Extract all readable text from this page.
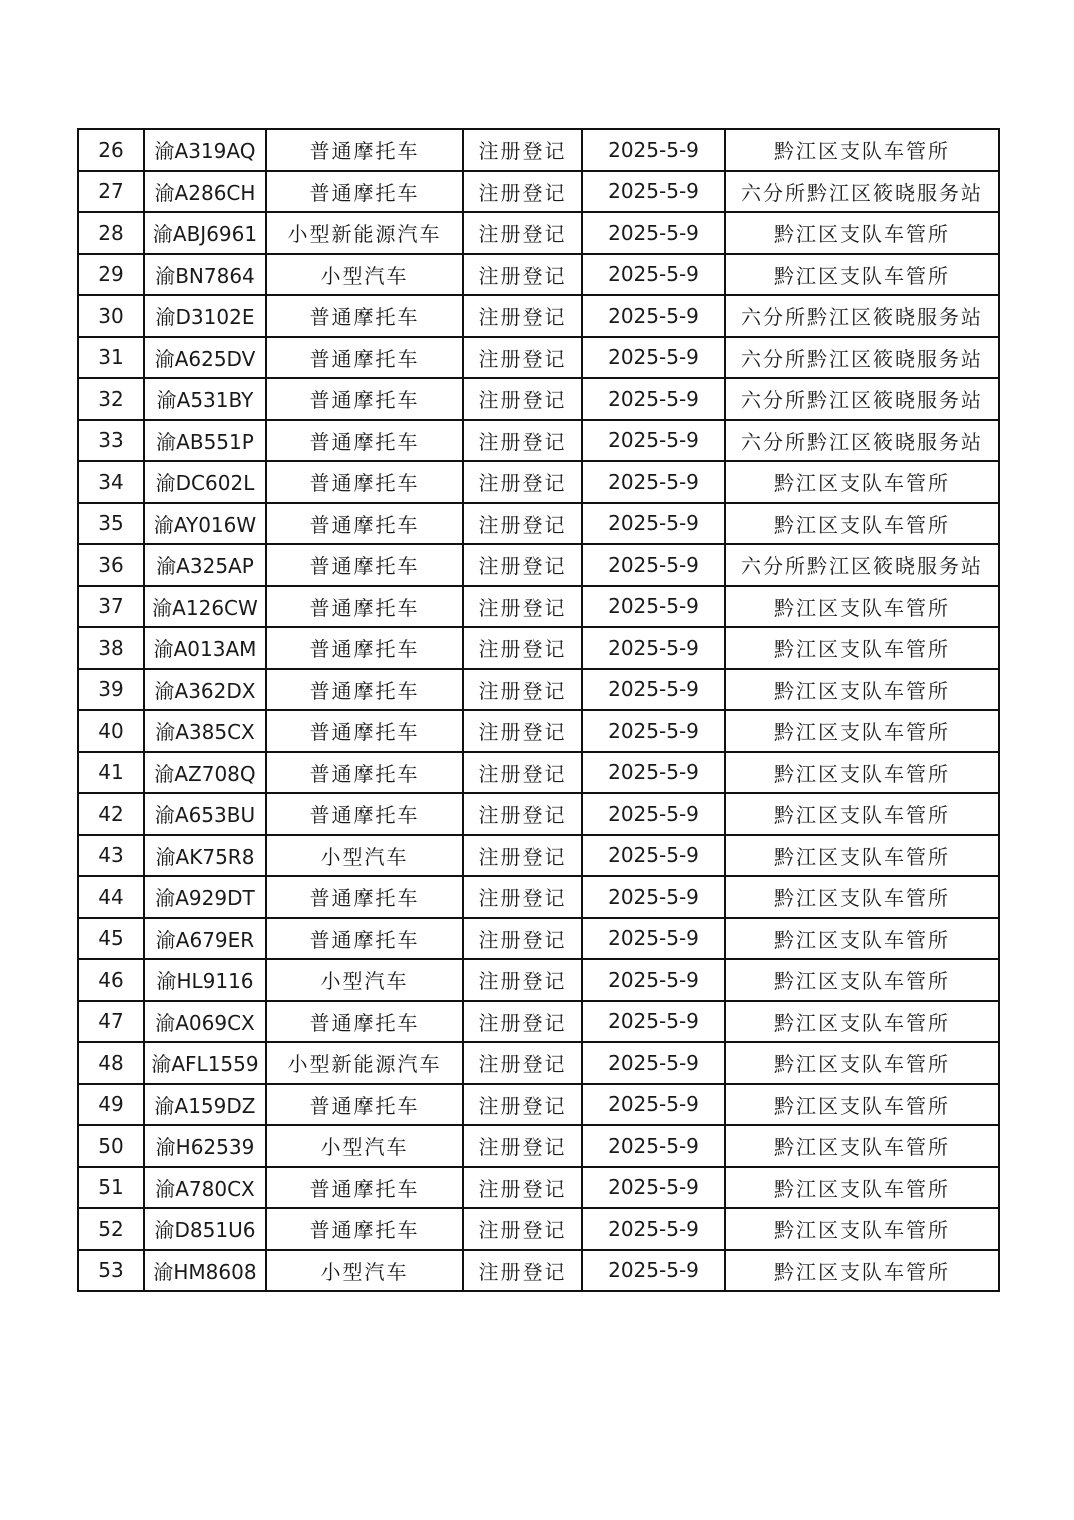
26	渝A319AQ	普通摩托车	注册登记	2025-5-9	黔江区支队车管所
27	渝A286CH	普通摩托车	注册登记	2025-5-9	六分所黔江区筱晓服务站
28	渝ABJ6961	小型新能源汽车	注册登记	2025-5-9	黔江区支队车管所
29	渝BN7864	小型汽车	注册登记	2025-5-9	黔江区支队车管所
30	渝D3102E	普通摩托车	注册登记	2025-5-9	六分所黔江区筱晓服务站
31	渝A625DV	普通摩托车	注册登记	2025-5-9	六分所黔江区筱晓服务站
32	渝A531BY	普通摩托车	注册登记	2025-5-9	六分所黔江区筱晓服务站
33	渝AB551P	普通摩托车	注册登记	2025-5-9	六分所黔江区筱晓服务站
34	渝DC602L	普通摩托车	注册登记	2025-5-9	黔江区支队车管所
35	渝AY016W	普通摩托车	注册登记	2025-5-9	黔江区支队车管所
36	渝A325AP	普通摩托车	注册登记	2025-5-9	六分所黔江区筱晓服务站
37	渝A126CW	普通摩托车	注册登记	2025-5-9	黔江区支队车管所
38	渝A013AM	普通摩托车	注册登记	2025-5-9	黔江区支队车管所
39	渝A362DX	普通摩托车	注册登记	2025-5-9	黔江区支队车管所
40	渝A385CX	普通摩托车	注册登记	2025-5-9	黔江区支队车管所
41	渝AZ708Q	普通摩托车	注册登记	2025-5-9	黔江区支队车管所
42	渝A653BU	普通摩托车	注册登记	2025-5-9	黔江区支队车管所
43	渝AK75R8	小型汽车	注册登记	2025-5-9	黔江区支队车管所
44	渝A929DT	普通摩托车	注册登记	2025-5-9	黔江区支队车管所
45	渝A679ER	普通摩托车	注册登记	2025-5-9	黔江区支队车管所
46	渝HL9116	小型汽车	注册登记	2025-5-9	黔江区支队车管所
47	渝A069CX	普通摩托车	注册登记	2025-5-9	黔江区支队车管所
48	渝AFL1559	小型新能源汽车	注册登记	2025-5-9	黔江区支队车管所
49	渝A159DZ	普通摩托车	注册登记	2025-5-9	黔江区支队车管所
50	渝H62539	小型汽车	注册登记	2025-5-9	黔江区支队车管所
51	渝A780CX	普通摩托车	注册登记	2025-5-9	黔江区支队车管所
52	渝D851U6	普通摩托车	注册登记	2025-5-9	黔江区支队车管所
53	渝HM8608	小型汽车	注册登记	2025-5-9	黔江区支队车管所
